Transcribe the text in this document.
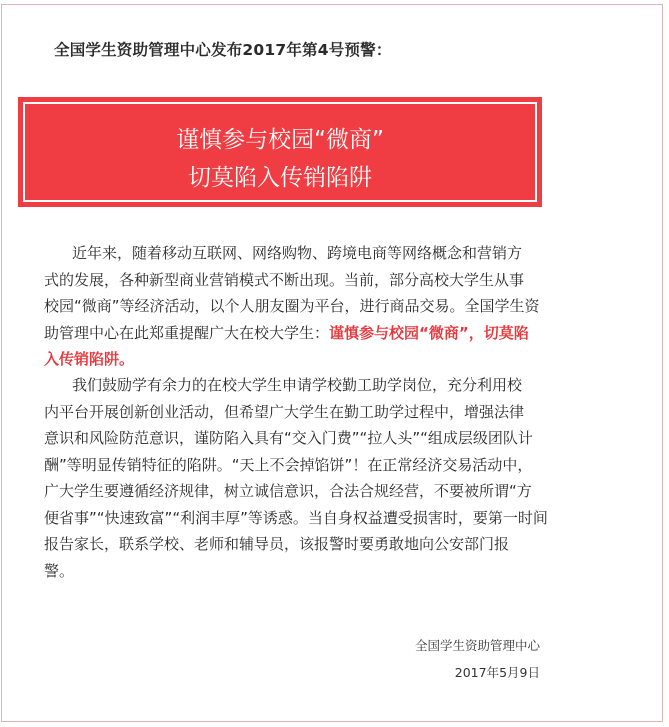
全国学生资助管理中心发布2017年第4号预警：
谨慎参与校园“微商”
切莫陷入传销陷阱
近年来，随着移动互联网、网络购物、跨境电商等网络概念和营销方
式的发展，各种新型商业营销模式不断出现。当前，部分高校大学生从事
校园“微商”等经济活动，以个人朋友圈为平台，进行商品交易。全国学生资
助管理中心在此郑重提醒广大在校大学生：谨慎参与校园“微商”，切莫陷
入传销陷阱。
我们鼓励学有余力的在校大学生申请学校勤工助学岗位，充分利用校
内平台开展创新创业活动，但希望广大学生在勤工助学过程中，增强法律
意识和风险防范意识，谨防陷入具有“交入门费”“拉人头”“组成层级团队计
酬”等明显传销特征的陷阱。“天上不会掉馅饼”！在正常经济交易活动中，
广大学生要遵循经济规律，树立诚信意识，合法合规经营，不要被所谓“方
便省事”“快速致富”“利润丰厚”等诱惑。当自身权益遭受损害时，要第一时间
报告家长，联系学校、老师和辅导员，该报警时要勇敢地向公安部门报
警。
全国学生资助管理中心
2017年5月9日
